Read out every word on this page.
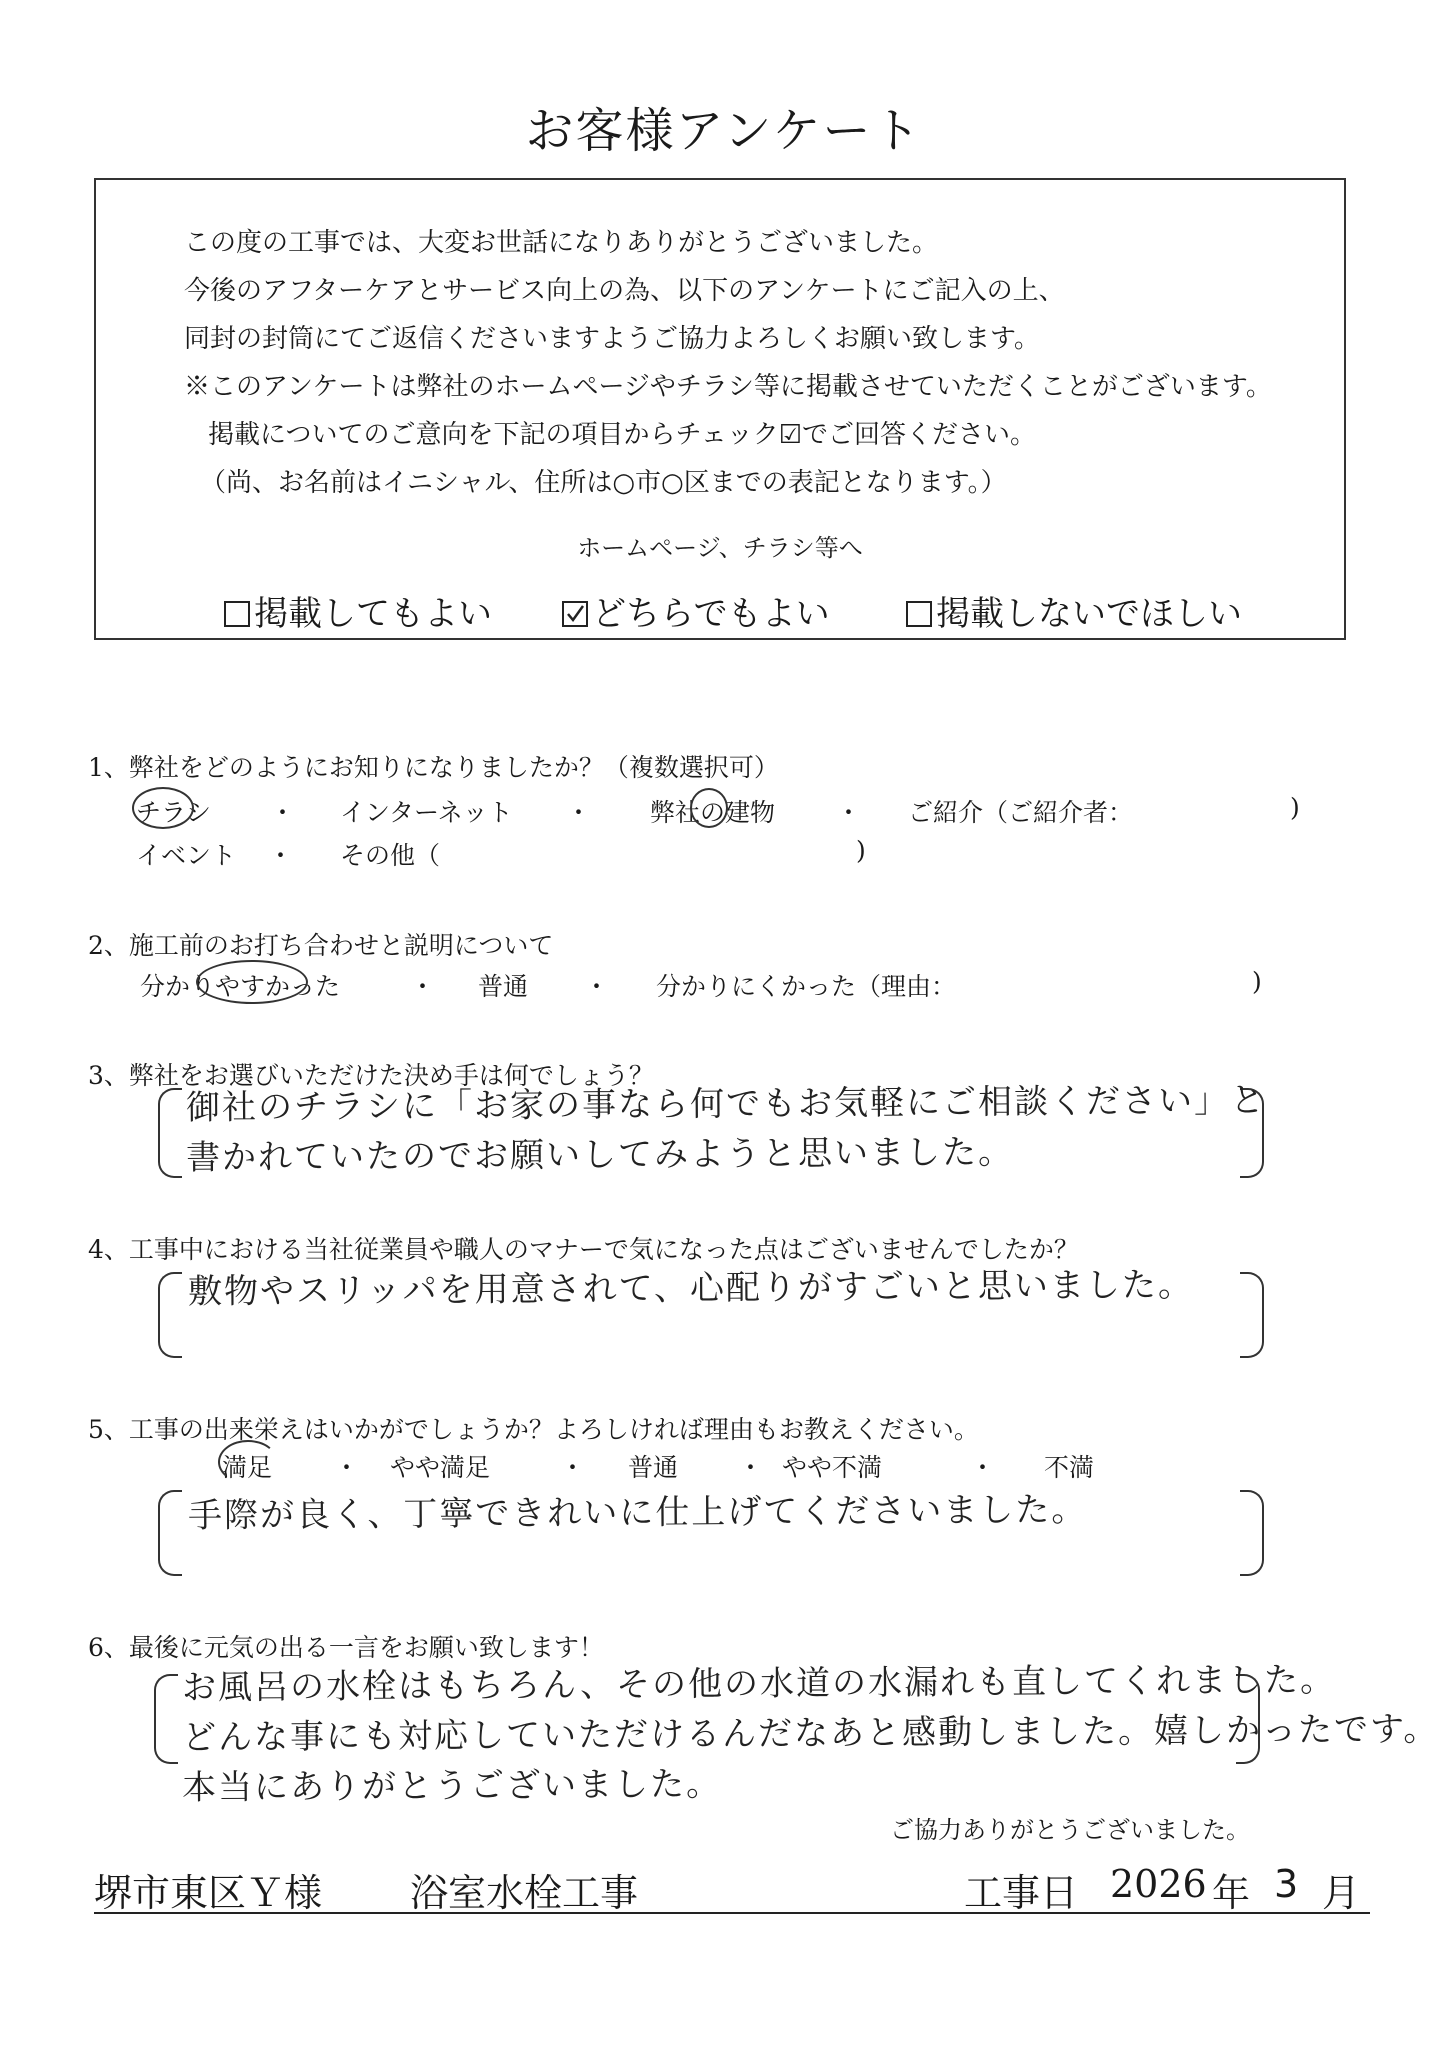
お客様アンケート
この度の工事では、大変お世話になりありがとうございました。
今後のアフターケアとサービス向上の為、以下のアンケートにご記入の上、
同封の封筒にてご返信くださいますようご協力よろしくお願い致します。
※このアンケートは弊社のホームページやチラシ等に掲載させていただくことがございます。
掲載についてのご意向を下記の項目からチェック☑でご回答ください。
（尚、お名前はイニシャル、住所は○市○区までの表記となります。）
ホームページ、チラシ等へ
掲載してもよい	どちらでもよい	掲載しないでほしい
1、弊社をどのようにお知りになりましたか？（複数選択可）
チラシ ・ インターネット ・ 弊社の建物 ・ ご紹介（ご紹介者：	)
イベント ・ その他（	)
2、施工前のお打ち合わせと説明について
分かりやすかった	・ 普通 ・ 分かりにくかった（理由：	)
3、弊社をお選びいただけた決め手は何でしょう？
御社のチラシに「お家の事なら何でもお気軽にご相談ください」と
書かれていたのでお願いしてみようと思いました。
4、工事中における当社従業員や職人のマナーで気になった点はございませんでしたか？
敷物やスリッパを用意されて、心配りがすごいと思いました。
5、工事の出来栄えはいかがでしょうか？よろしければ理由もお教えください。
満足 ・ やや満足	・ 普通 ・ やや不満	・ 不満
手際が良く、丁寧できれいに仕上げてくださいました。
6、最後に元気の出る一言をお願い致します！
お風呂の水栓はもちろん、その他の水道の水漏れも直してくれました。
どんな事にも対応していただけるんだなあと感動しました。嬉しかったです。
本当にありがとうございました。
ご協力ありがとうございました。
堺市東区Ｙ様 浴室水栓工事	工事日 2026 年 3 月
